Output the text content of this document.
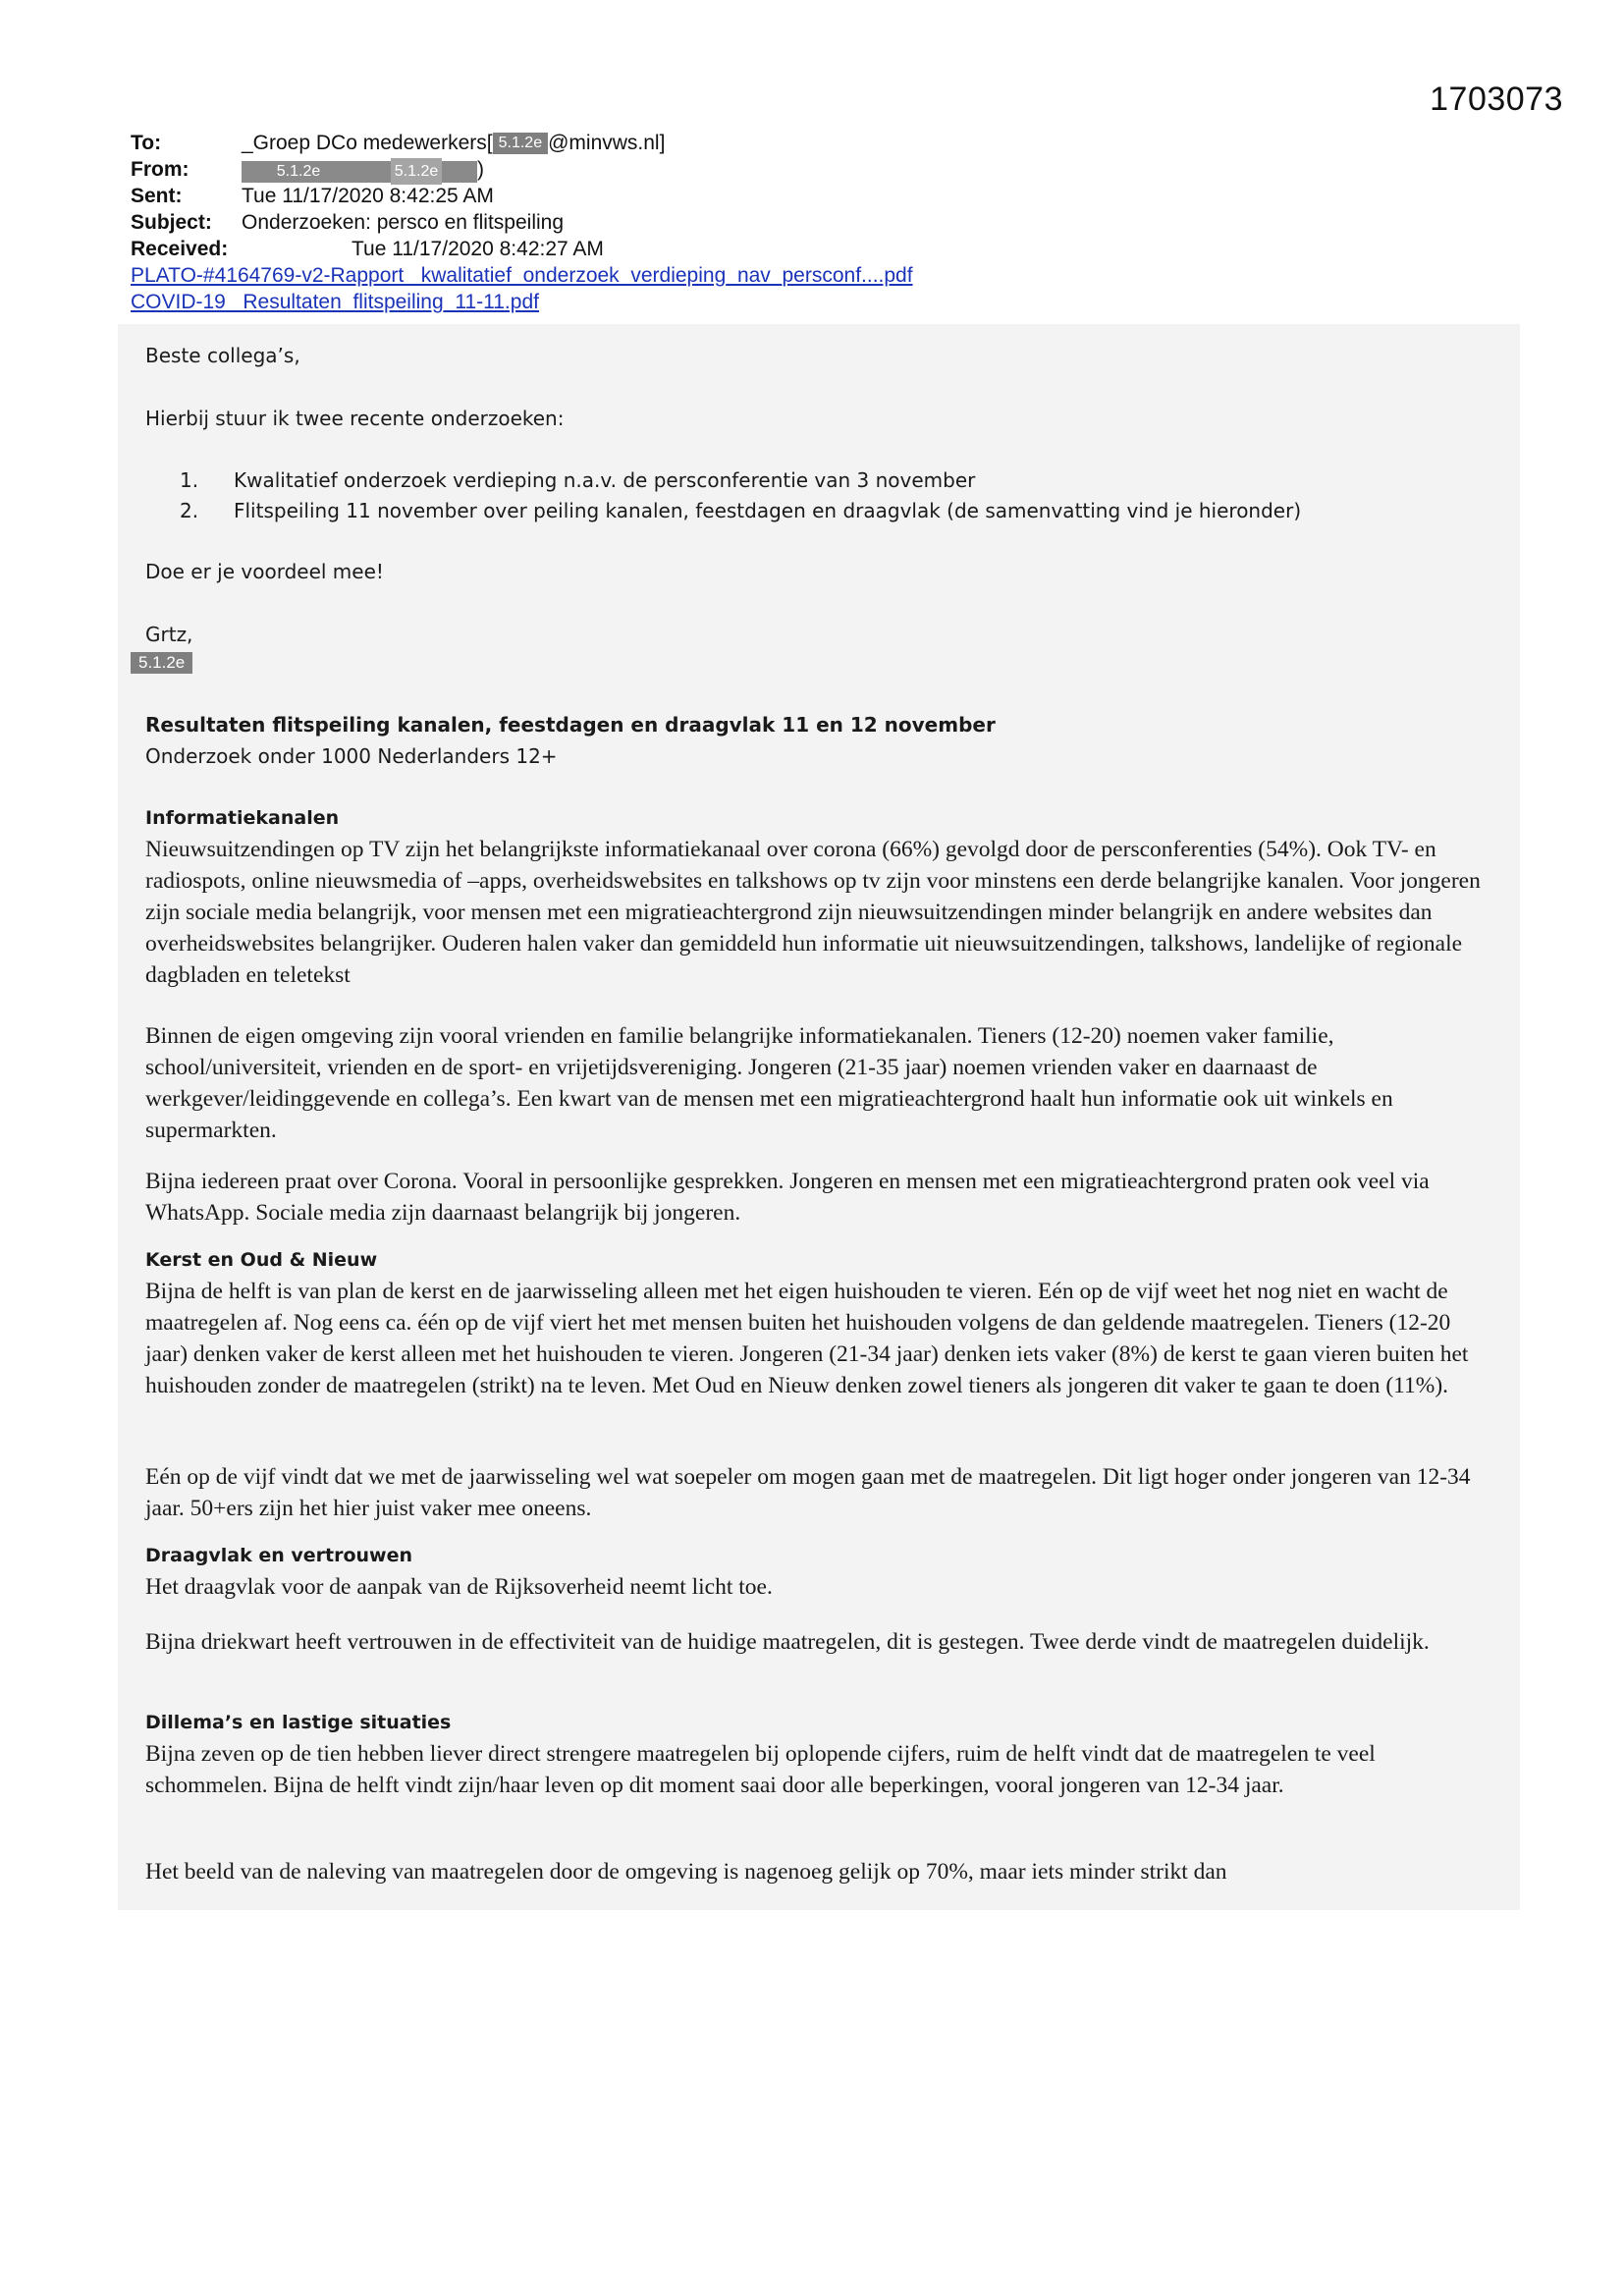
1703073
To:	_Groep DCo medewerkers[ 5.1.2e @minvws.nl]
From:	5.1.2e	5.1.2e )
Sent:	Tue 11/17/2020 8:42:25 AM
Subject:	Onderzoeken: persco en flitspeiling
Received:	Tue 11/17/2020 8:42:27 AM
PLATO-#4164769-v2-Rapport_ kwalitatief_onderzoek_verdieping_nav_persconf....pdf
COVID-19 _Resultaten_flitspeiling_11-11.pdf
Beste collega’s,
Hierbij stuur ik twee recente onderzoeken:
1.	Kwalitatief onderzoek verdieping n.a.v. de persconferentie van 3 november
2.	Flitspeiling 11 november over peiling kanalen, feestdagen en draagvlak (de samenvatting vind je hieronder)
Doe er je voordeel mee!
Grtz,
5.1.2e
Resultaten flitspeiling kanalen, feestdagen en draagvlak 11 en 12 november
Onderzoek onder 1000 Nederlanders 12+
Informatiekanalen

Nieuwsuitzendingen op TV zijn het belangrijkste informatiekanaal over corona (66%) gevolgd door de persconferenties (54%). Ook TV- en radiospots, online nieuwsmedia of –apps, overheidswebsites en talkshows op tv zijn voor minstens een derde belangrijke kanalen. Voor jongeren zijn sociale media belangrijk, voor mensen met een migratieachtergrond zijn nieuwsuitzendingen minder belangrijk en andere websites dan overheidswebsites belangrijker. Ouderen halen vaker dan gemiddeld hun informatie uit nieuwsuitzendingen, talkshows, landelijke of regionale dagbladen en teletekst

Binnen de eigen omgeving zijn vooral vrienden en familie belangrijke informatiekanalen. Tieners (12-20) noemen vaker familie, school/universiteit, vrienden en de sport- en vrijetijdsvereniging. Jongeren (21-35 jaar) noemen vrienden vaker en daarnaast de werkgever/leidinggevende en collega’s. Een kwart van de mensen met een migratieachtergrond haalt hun informatie ook uit winkels en supermarkten.

Bijna iedereen praat over Corona. Vooral in persoonlijke gesprekken. Jongeren en mensen met een migratieachtergrond praten ook veel via WhatsApp. Sociale media zijn daarnaast belangrijk bij jongeren.

Kerst en Oud & Nieuw

Bijna de helft is van plan de kerst en de jaarwisseling alleen met het eigen huishouden te vieren. Eén op de vijf weet het nog niet en wacht de maatregelen af. Nog eens ca. één op de vijf viert het met mensen buiten het huishouden volgens de dan geldende maatregelen. Tieners (12-20 jaar) denken vaker de kerst alleen met het huishouden te vieren. Jongeren (21-34 jaar) denken iets vaker (8%) de kerst te gaan vieren buiten het huishouden zonder de maatregelen (strikt) na te leven. Met Oud en Nieuw denken zowel tieners als jongeren dit vaker te gaan te doen (11%).

Eén op de vijf vindt dat we met de jaarwisseling wel wat soepeler om mogen gaan met de maatregelen. Dit ligt hoger onder jongeren van 12-34 jaar. 50+ers zijn het hier juist vaker mee oneens.

Draagvlak en vertrouwen

Het draagvlak voor de aanpak van de Rijksoverheid neemt licht toe.

Bijna driekwart heeft vertrouwen in de effectiviteit van de huidige maatregelen, dit is gestegen. Twee derde vindt de maatregelen duidelijk.

Dillema’s en lastige situaties

Bijna zeven op de tien hebben liever direct strengere maatregelen bij oplopende cijfers, ruim de helft vindt dat de maatregelen te veel schommelen. Bijna de helft vindt zijn/haar leven op dit moment saai door alle beperkingen, vooral jongeren van 12-34 jaar.

Het beeld van de naleving van maatregelen door de omgeving is nagenoeg gelijk op 70%, maar iets minder strikt dan
